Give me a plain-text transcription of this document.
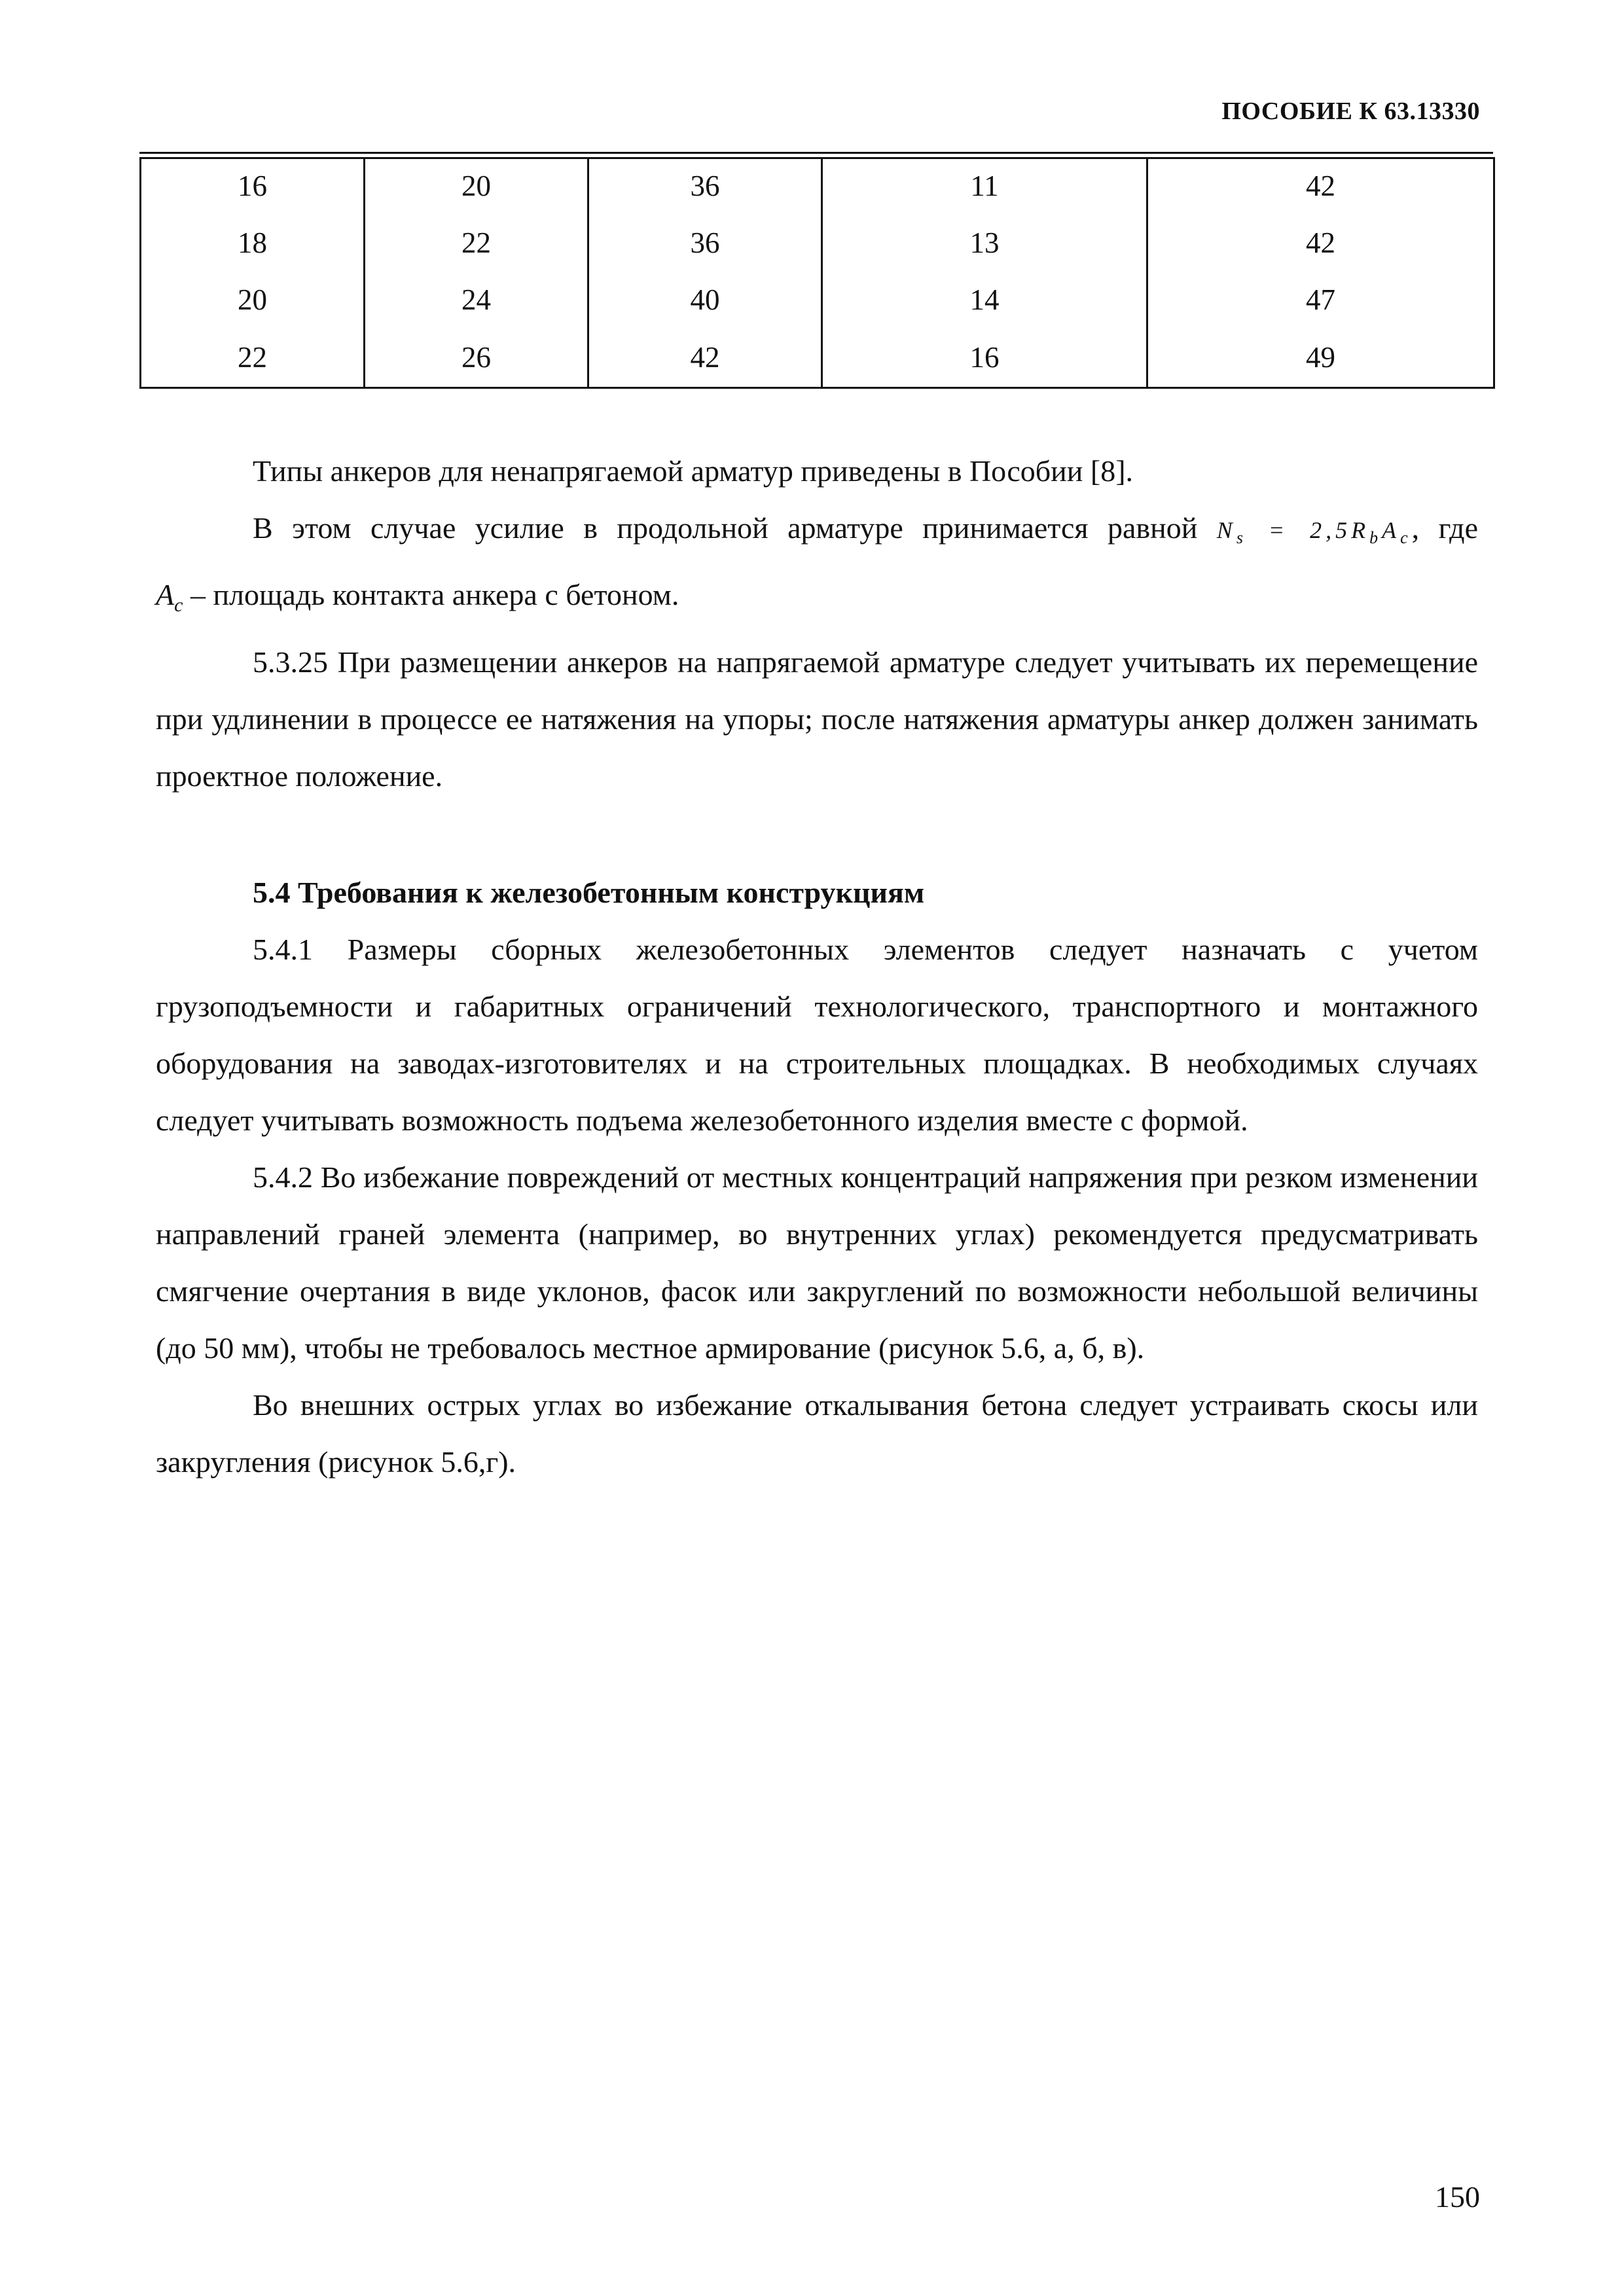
ПОСОБИЕ К 63.13330
16	20	36	11	42
18	22	36	13	42
20	24	40	14	47
22	26	42	16	49

Типы анкеров для ненапрягаемой арматур приведены в Пособии [8].

В этом случае усилие в продольной арматуре принимается равной $N_s = 2,5R_bA_c$, где

$A_c$ – площадь контакта анкера с бетоном.

5.3.25 При размещении анкеров на напрягаемой арматуре следует учитывать их перемещение при удлинении в процессе ее натяжения на упоры; после натяжения арматуры анкер должен занимать проектное положение.

5.4 Требования к железобетонным конструкциям

5.4.1 Размеры сборных железобетонных элементов следует назначать с учетом грузоподъемности и габаритных ограничений технологического, транспортного и монтажного оборудования на заводах-изготовителях и на строительных площадках. В необходимых случаях следует учитывать возможность подъема железобетонного изделия вместе с формой.

5.4.2 Во избежание повреждений от местных концентраций напряжения при резком изменении направлений граней элемента (например, во внутренних углах) рекомендуется предусматривать смягчение очертания в виде уклонов, фасок или закруглений по возможности небольшой величины (до 50 мм), чтобы не требовалось местное армирование (рисунок 5.6, а, б, в).

Во внешних острых углах во избежание откалывания бетона следует устраивать скосы или закругления (рисунок 5.6,г).

150
